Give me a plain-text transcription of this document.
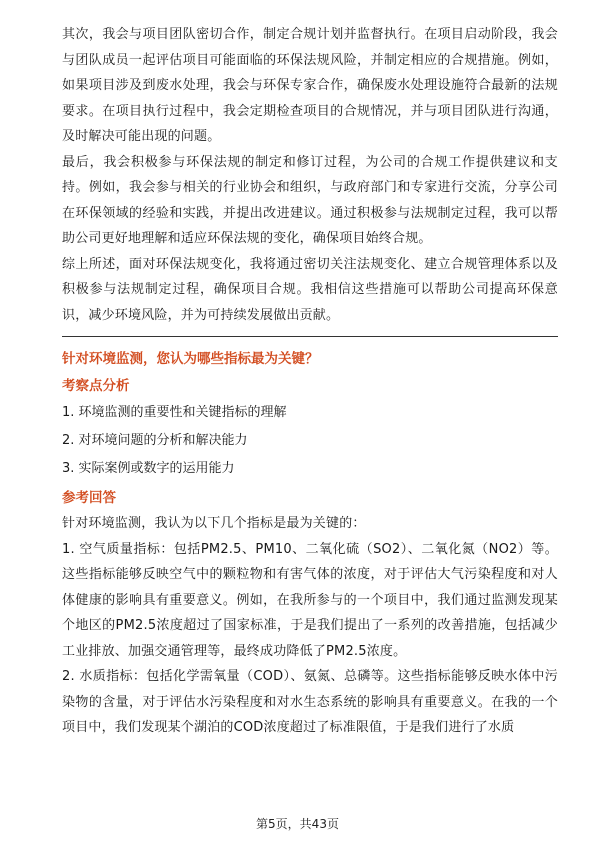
其次，我会与项目团队密切合作，制定合规计划并监督执行。在项目启动阶段，我会与团队成员一起评估项目可能面临的环保法规风险，并制定相应的合规措施。例如，如果项目涉及到废水处理，我会与环保专家合作，确保废水处理设施符合最新的法规要求。在项目执行过程中，我会定期检查项目的合规情况，并与项目团队进行沟通，及时解决可能出现的问题。

最后，我会积极参与环保法规的制定和修订过程，为公司的合规工作提供建议和支持。例如，我会参与相关的行业协会和组织，与政府部门和专家进行交流，分享公司在环保领域的经验和实践，并提出改进建议。通过积极参与法规制定过程，我可以帮助公司更好地理解和适应环保法规的变化，确保项目始终合规。

综上所述，面对环保法规变化，我将通过密切关注法规变化、建立合规管理体系以及积极参与法规制定过程，确保项目合规。我相信这些措施可以帮助公司提高环保意识，减少环境风险，并为可持续发展做出贡献。

针对环境监测，您认为哪些指标最为关键？

考察点分析

1. 环境监测的重要性和关键指标的理解

2. 对环境问题的分析和解决能力

3. 实际案例或数字的运用能力

参考回答

针对环境监测，我认为以下几个指标是最为关键的：

1. 空气质量指标：包括PM2.5、PM10、二氧化硫（SO2）、二氧化氮（NO2）等。这些指标能够反映空气中的颗粒物和有害气体的浓度，对于评估大气污染程度和对人体健康的影响具有重要意义。例如，在我所参与的一个项目中，我们通过监测发现某个地区的PM2.5浓度超过了国家标准，于是我们提出了一系列的改善措施，包括减少工业排放、加强交通管理等，最终成功降低了PM2.5浓度。

2. 水质指标：包括化学需氧量（COD）、氨氮、总磷等。这些指标能够反映水体中污染物的含量，对于评估水污染程度和对水生态系统的影响具有重要意义。在我的一个项目中，我们发现某个湖泊的COD浓度超过了标准限值，于是我们进行了水质

第5页，共43页
